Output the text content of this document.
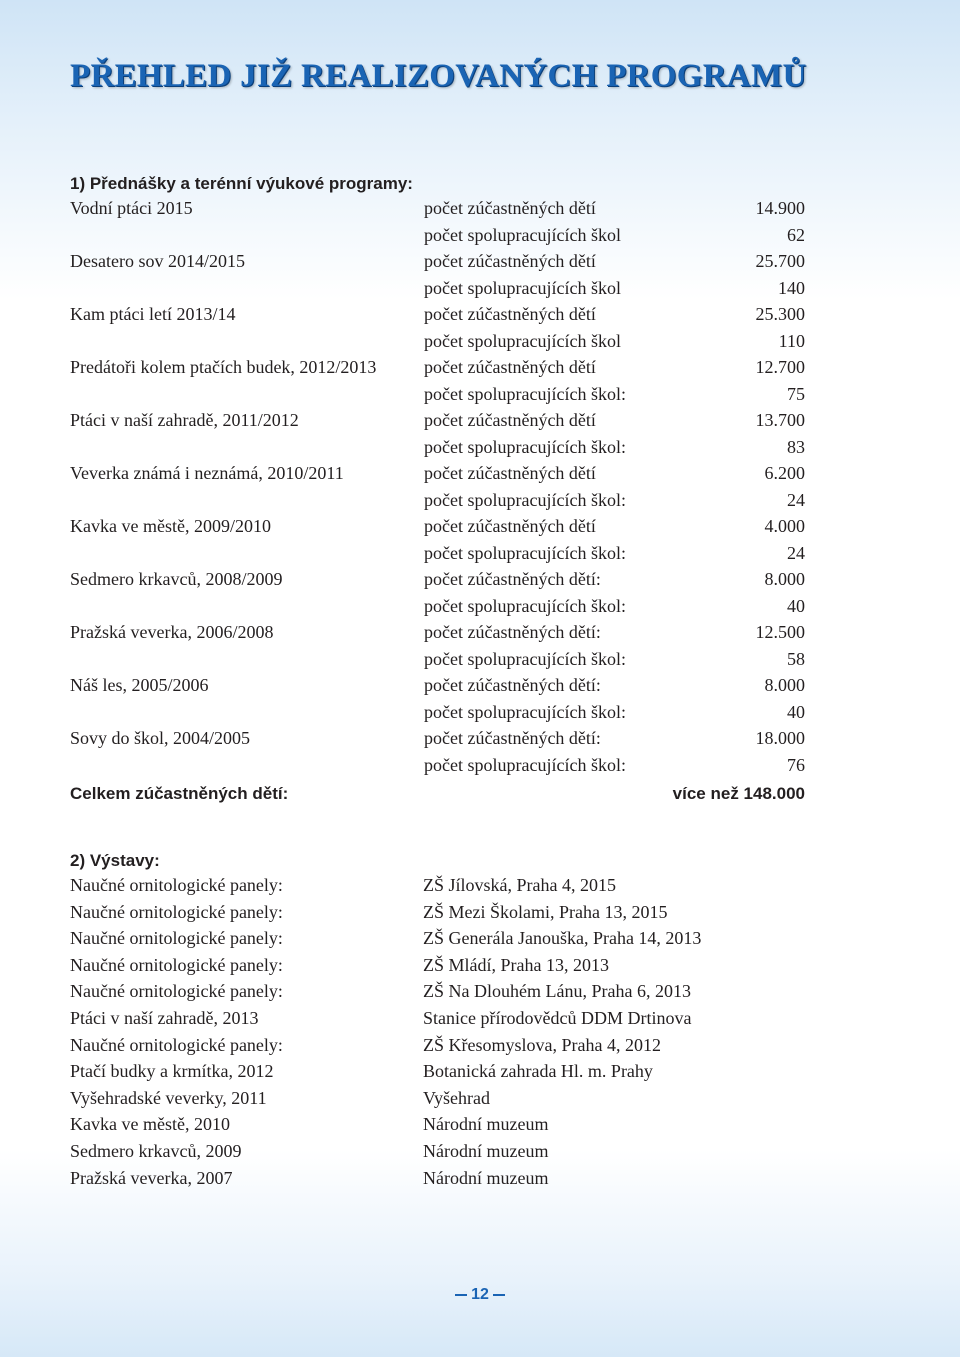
PŘEHLED JIŽ REALIZOVANÝCH PROGRAMŮ
1) Přednášky a terénní výukové programy:
Vodní ptáci 2015	počet zúčastněných dětí	14.900
počet spolupracujících škol	62
Desatero sov 2014/2015	počet zúčastněných dětí	25.700
počet spolupracujících škol	140
Kam ptáci letí 2013/14	počet zúčastněných dětí	25.300
počet spolupracujících škol	110
Predátoři kolem ptačích budek, 2012/2013	počet zúčastněných dětí	12.700
počet spolupracujících škol:	75
Ptáci v naší zahradě, 2011/2012	počet zúčastněných dětí	13.700
počet spolupracujících škol:	83
Veverka známá i neznámá, 2010/2011	počet zúčastněných dětí	6.200
počet spolupracujících škol:	24
Kavka ve městě, 2009/2010	počet zúčastněných dětí	4.000
počet spolupracujících škol:	24
Sedmero krkavců, 2008/2009	počet zúčastněných dětí:	8.000
počet spolupracujících škol:	40
Pražská veverka, 2006/2008	počet zúčastněných dětí:	12.500
počet spolupracujících škol:	58
Náš les, 2005/2006	počet zúčastněných dětí:	8.000
počet spolupracujících škol:	40
Sovy do škol, 2004/2005	počet zúčastněných dětí:	18.000
počet spolupracujících škol:	76
Celkem zúčastněných dětí:	více než 148.000
2) Výstavy:
Naučné ornitologické panely:	ZŠ Jílovská, Praha 4, 2015
Naučné ornitologické panely:	ZŠ Mezi Školami, Praha 13, 2015
Naučné ornitologické panely:	ZŠ Generála Janouška, Praha 14, 2013
Naučné ornitologické panely:	ZŠ Mládí, Praha 13, 2013
Naučné ornitologické panely:	ZŠ Na Dlouhém Lánu, Praha 6, 2013
Ptáci v naší zahradě, 2013	Stanice přírodovědců DDM Drtinova
Naučné ornitologické panely:	ZŠ Křesomyslova, Praha 4, 2012
Ptačí budky a krmítka, 2012	Botanická zahrada Hl. m. Prahy
Vyšehradské veverky, 2011	Vyšehrad
Kavka ve městě, 2010	Národní muzeum
Sedmero krkavců, 2009	Národní muzeum
Pražská veverka, 2007	Národní muzeum
12
